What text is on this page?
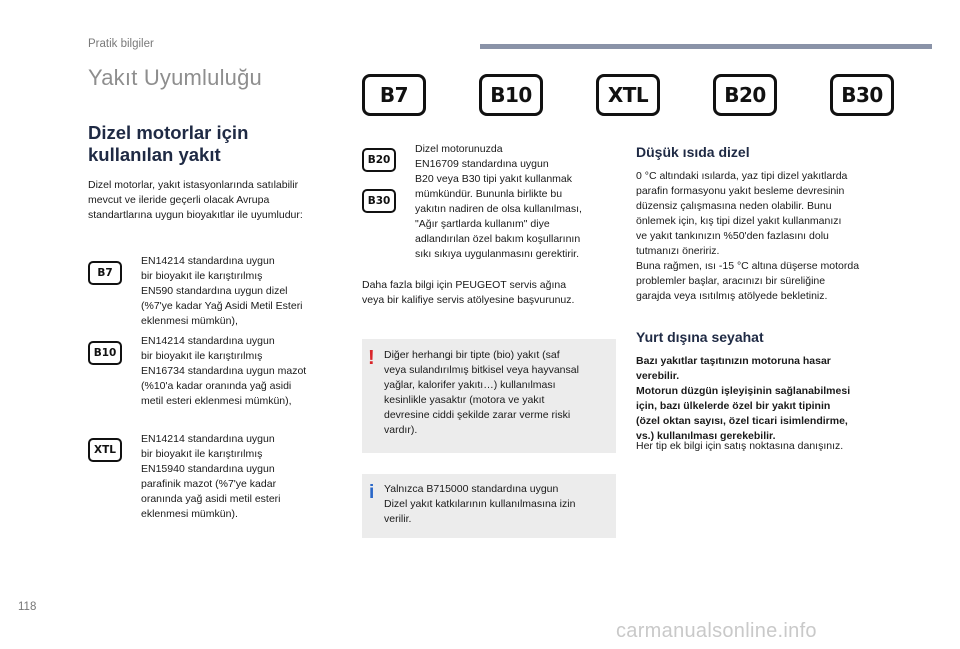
Pratik bilgiler
Yakıt Uyumluluğu
B7	B10	XTL	B20	B30
Dizel motorlar için
kullanılan yakıt
Dizel motorlar, yakıt istasyonlarında satılabilir
mevcut ve ileride geçerli olacak Avrupa
standartlarına uygun bioyakıtlar ile uyumludur:
B7
EN14214 standardına uygun
bir bioyakıt ile karıştırılmış
EN590 standardına uygun dizel
(%7'ye kadar Yağ Asidi Metil Esteri
eklenmesi mümkün),
B10
EN14214 standardına uygun
bir bioyakıt ile karıştırılmış
EN16734 standardına uygun mazot
(%10'a kadar oranında yağ asidi
metil esteri eklenmesi mümkün),
XTL
EN14214 standardına uygun
bir bioyakıt ile karıştırılmış
EN15940 standardına uygun
parafinik mazot (%7'ye kadar
oranında yağ asidi metil esteri
eklenmesi mümkün).
B20
B30
Dizel motorunuzda
EN16709 standardına uygun
B20 veya B30 tipi yakıt kullanmak
mümkündür. Bununla birlikte bu
yakıtın nadiren de olsa kullanılması,
"Ağır şartlarda kullanım" diye
adlandırılan özel bakım koşullarının
sıkı sıkıya uygulanmasını gerektirir.
Daha fazla bilgi için PEUGEOT servis ağına
veya bir kalifiye servis atölyesine başvurunuz.
! Diğer herhangi bir tipte (bio) yakıt (saf
veya sulandırılmış bitkisel veya hayvansal
yağlar, kalorifer yakıtı…) kullanılması
kesinlikle yasaktır (motora ve yakıt
devresine ciddi şekilde zarar verme riski
vardır).
i Yalnızca B715000 standardına uygun
Dizel yakıt katkılarının kullanılmasına izin
verilir.
Düşük ısıda dizel
0 °C altındaki ısılarda, yaz tipi dizel yakıtlarda
parafin formasyonu yakıt besleme devresinin
düzensiz çalışmasına neden olabilir. Bunu
önlemek için, kış tipi dizel yakıt kullanmanızı
ve yakıt tankınızın %50'den fazlasını dolu
tutmanızı öneririz.
Buna rağmen, ısı -15 °C altına düşerse motorda
problemler başlar, aracınızı bir süreliğine
garajda veya ısıtılmış atölyede bekletiniz.
Yurt dışına seyahat
Bazı yakıtlar taşıtınızın motoruna hasar
verebilir.
Motorun düzgün işleyişinin sağlanabilmesi
için, bazı ülkelerde özel bir yakıt tipinin
(özel oktan sayısı, özel ticari isimlendirme,
vs.) kullanılması gerekebilir.
Her tip ek bilgi için satış noktasına danışınız.
118
carmanualsonline.info
